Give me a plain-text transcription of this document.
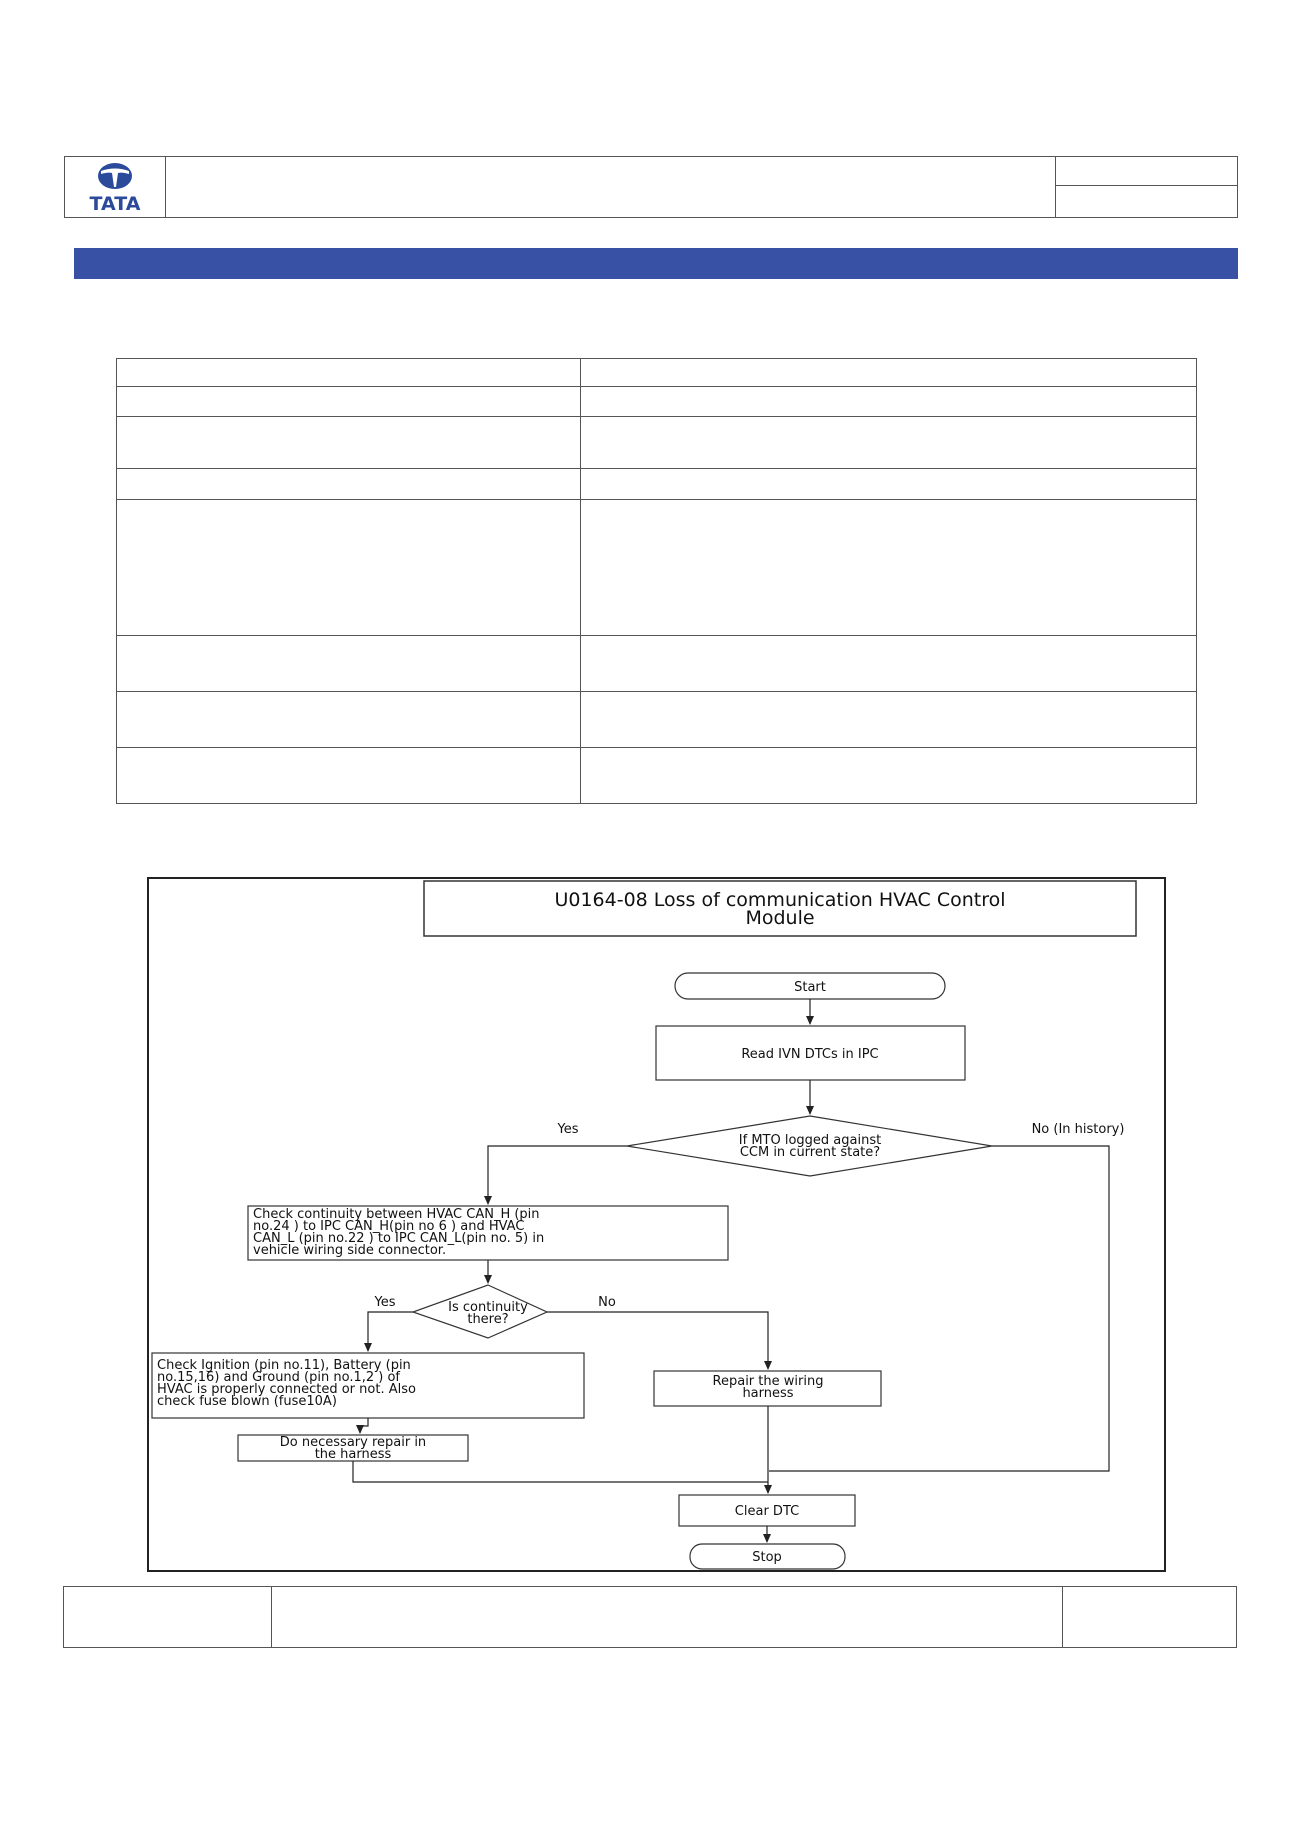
TATA

U0164-08 Loss of communication HVAC Control
Module
Start
Read IVN DTCs in IPC
If MTO logged against
CCM in current state?
Yes	No (In history)
Check continuity between HVAC CAN_H (pin
no.24 ) to IPC CAN_H(pin no 6 ) and HVAC
CAN_L (pin no.22 ) to IPC CAN_L(pin no. 5) in
vehicle wiring side connector.
Is continuity
there?
Yes	No
Check Ignition (pin no.11), Battery (pin
no.15,16) and Ground (pin no.1,2 ) of
HVAC is properly connected or not. Also
check fuse blown (fuse10A)
Repair the wiring
harness
Do necessary repair in
the harness
Clear DTC
Stop
